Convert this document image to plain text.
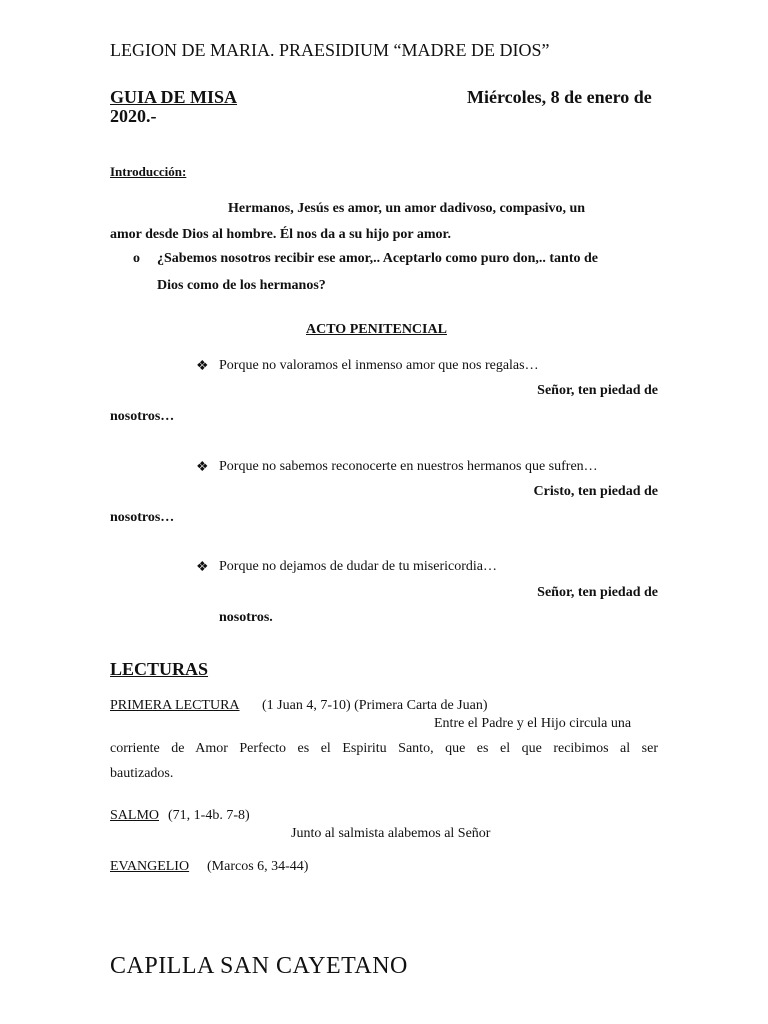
LEGION DE MARIA. PRAESIDIUM “MADRE DE DIOS”
GUIA DE MISA	Miércoles, 8 de enero de
2020.-
Introducción:
Hermanos, Jesús es amor, un amor dadivoso, compasivo, un
amor desde Dios al hombre. Él nos da a su hijo por amor.
o ¿Sabemos nosotros recibir ese amor,.. Aceptarlo como puro don,.. tanto de
Dios como de los hermanos?
ACTO PENITENCIAL
❖ Porque no valoramos el inmenso amor que nos regalas…
Señor, ten piedad de
nosotros…
❖ Porque no sabemos reconocerte en nuestros hermanos que sufren…
Cristo, ten piedad de
nosotros…
❖ Porque no dejamos de dudar de tu misericordia…
Señor, ten piedad de
nosotros.
LECTURAS
PRIMERA LECTURA (1 Juan 4, 7-10) (Primera Carta de Juan)
Entre el Padre y el Hijo circula una
corriente de Amor Perfecto es el Espiritu Santo, que es el que recibimos al ser
bautizados.
SALMO (71, 1-4b. 7-8)
Junto al salmista alabemos al Señor
EVANGELIO (Marcos 6, 34-44)
CAPILLA SAN CAYETANO
